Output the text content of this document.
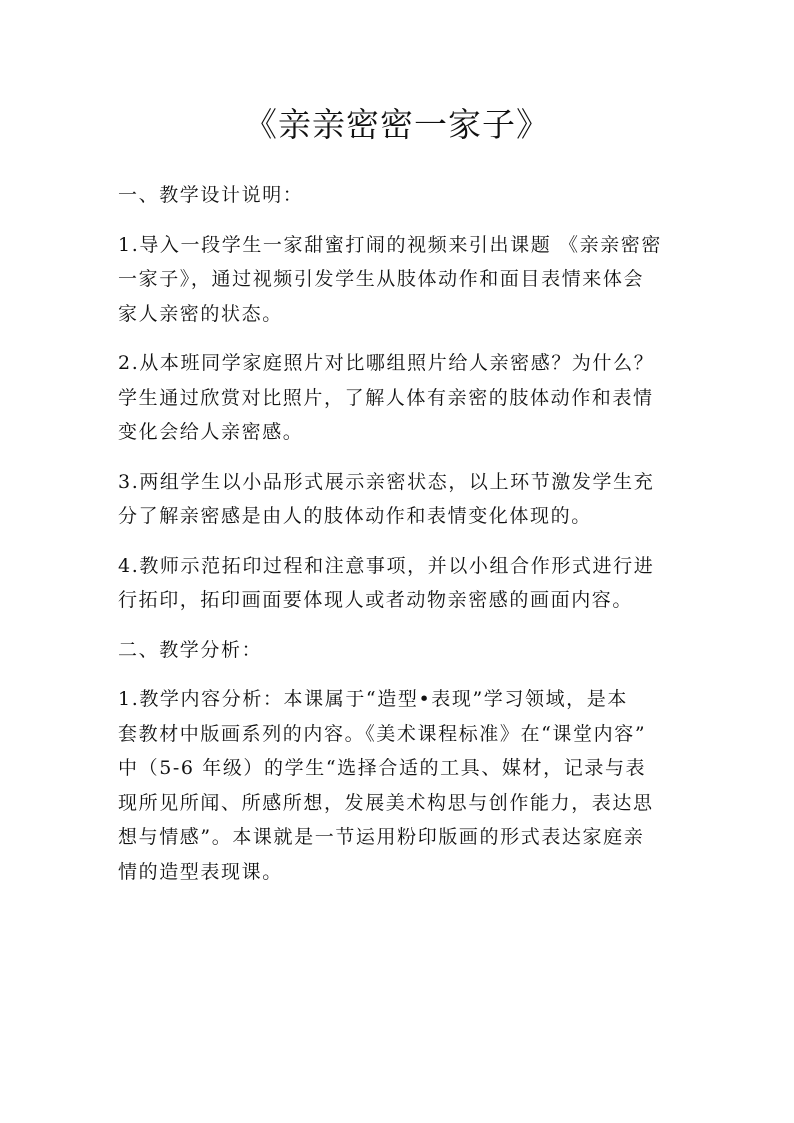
《亲亲密密一家子》
一、教学设计说明：
1.导入一段学生一家甜蜜打闹的视频来引出课题 《亲亲密密
一家子》，通过视频引发学生从肢体动作和面目表情来体会
家人亲密的状态。
2.从本班同学家庭照片对比哪组照片给人亲密感？为什么？
学生通过欣赏对比照片，了解人体有亲密的肢体动作和表情
变化会给人亲密感。
3.两组学生以小品形式展示亲密状态，以上环节激发学生充
分了解亲密感是由人的肢体动作和表情变化体现的。
4.教师示范拓印过程和注意事项，并以小组合作形式进行进
行拓印，拓印画面要体现人或者动物亲密感的画面内容。
二、教学分析：
1.教学内容分析：本课属于“造型•表现”学习领域，是本
套教材中版画系列的内容。《美术课程标准》在“课堂内容”
中（5-6 年级）的学生“选择合适的工具、媒材，记录与表
现所见所闻、所感所想，发展美术构思与创作能力，表达思
想与情感”。本课就是一节运用粉印版画的形式表达家庭亲
情的造型表现课。
